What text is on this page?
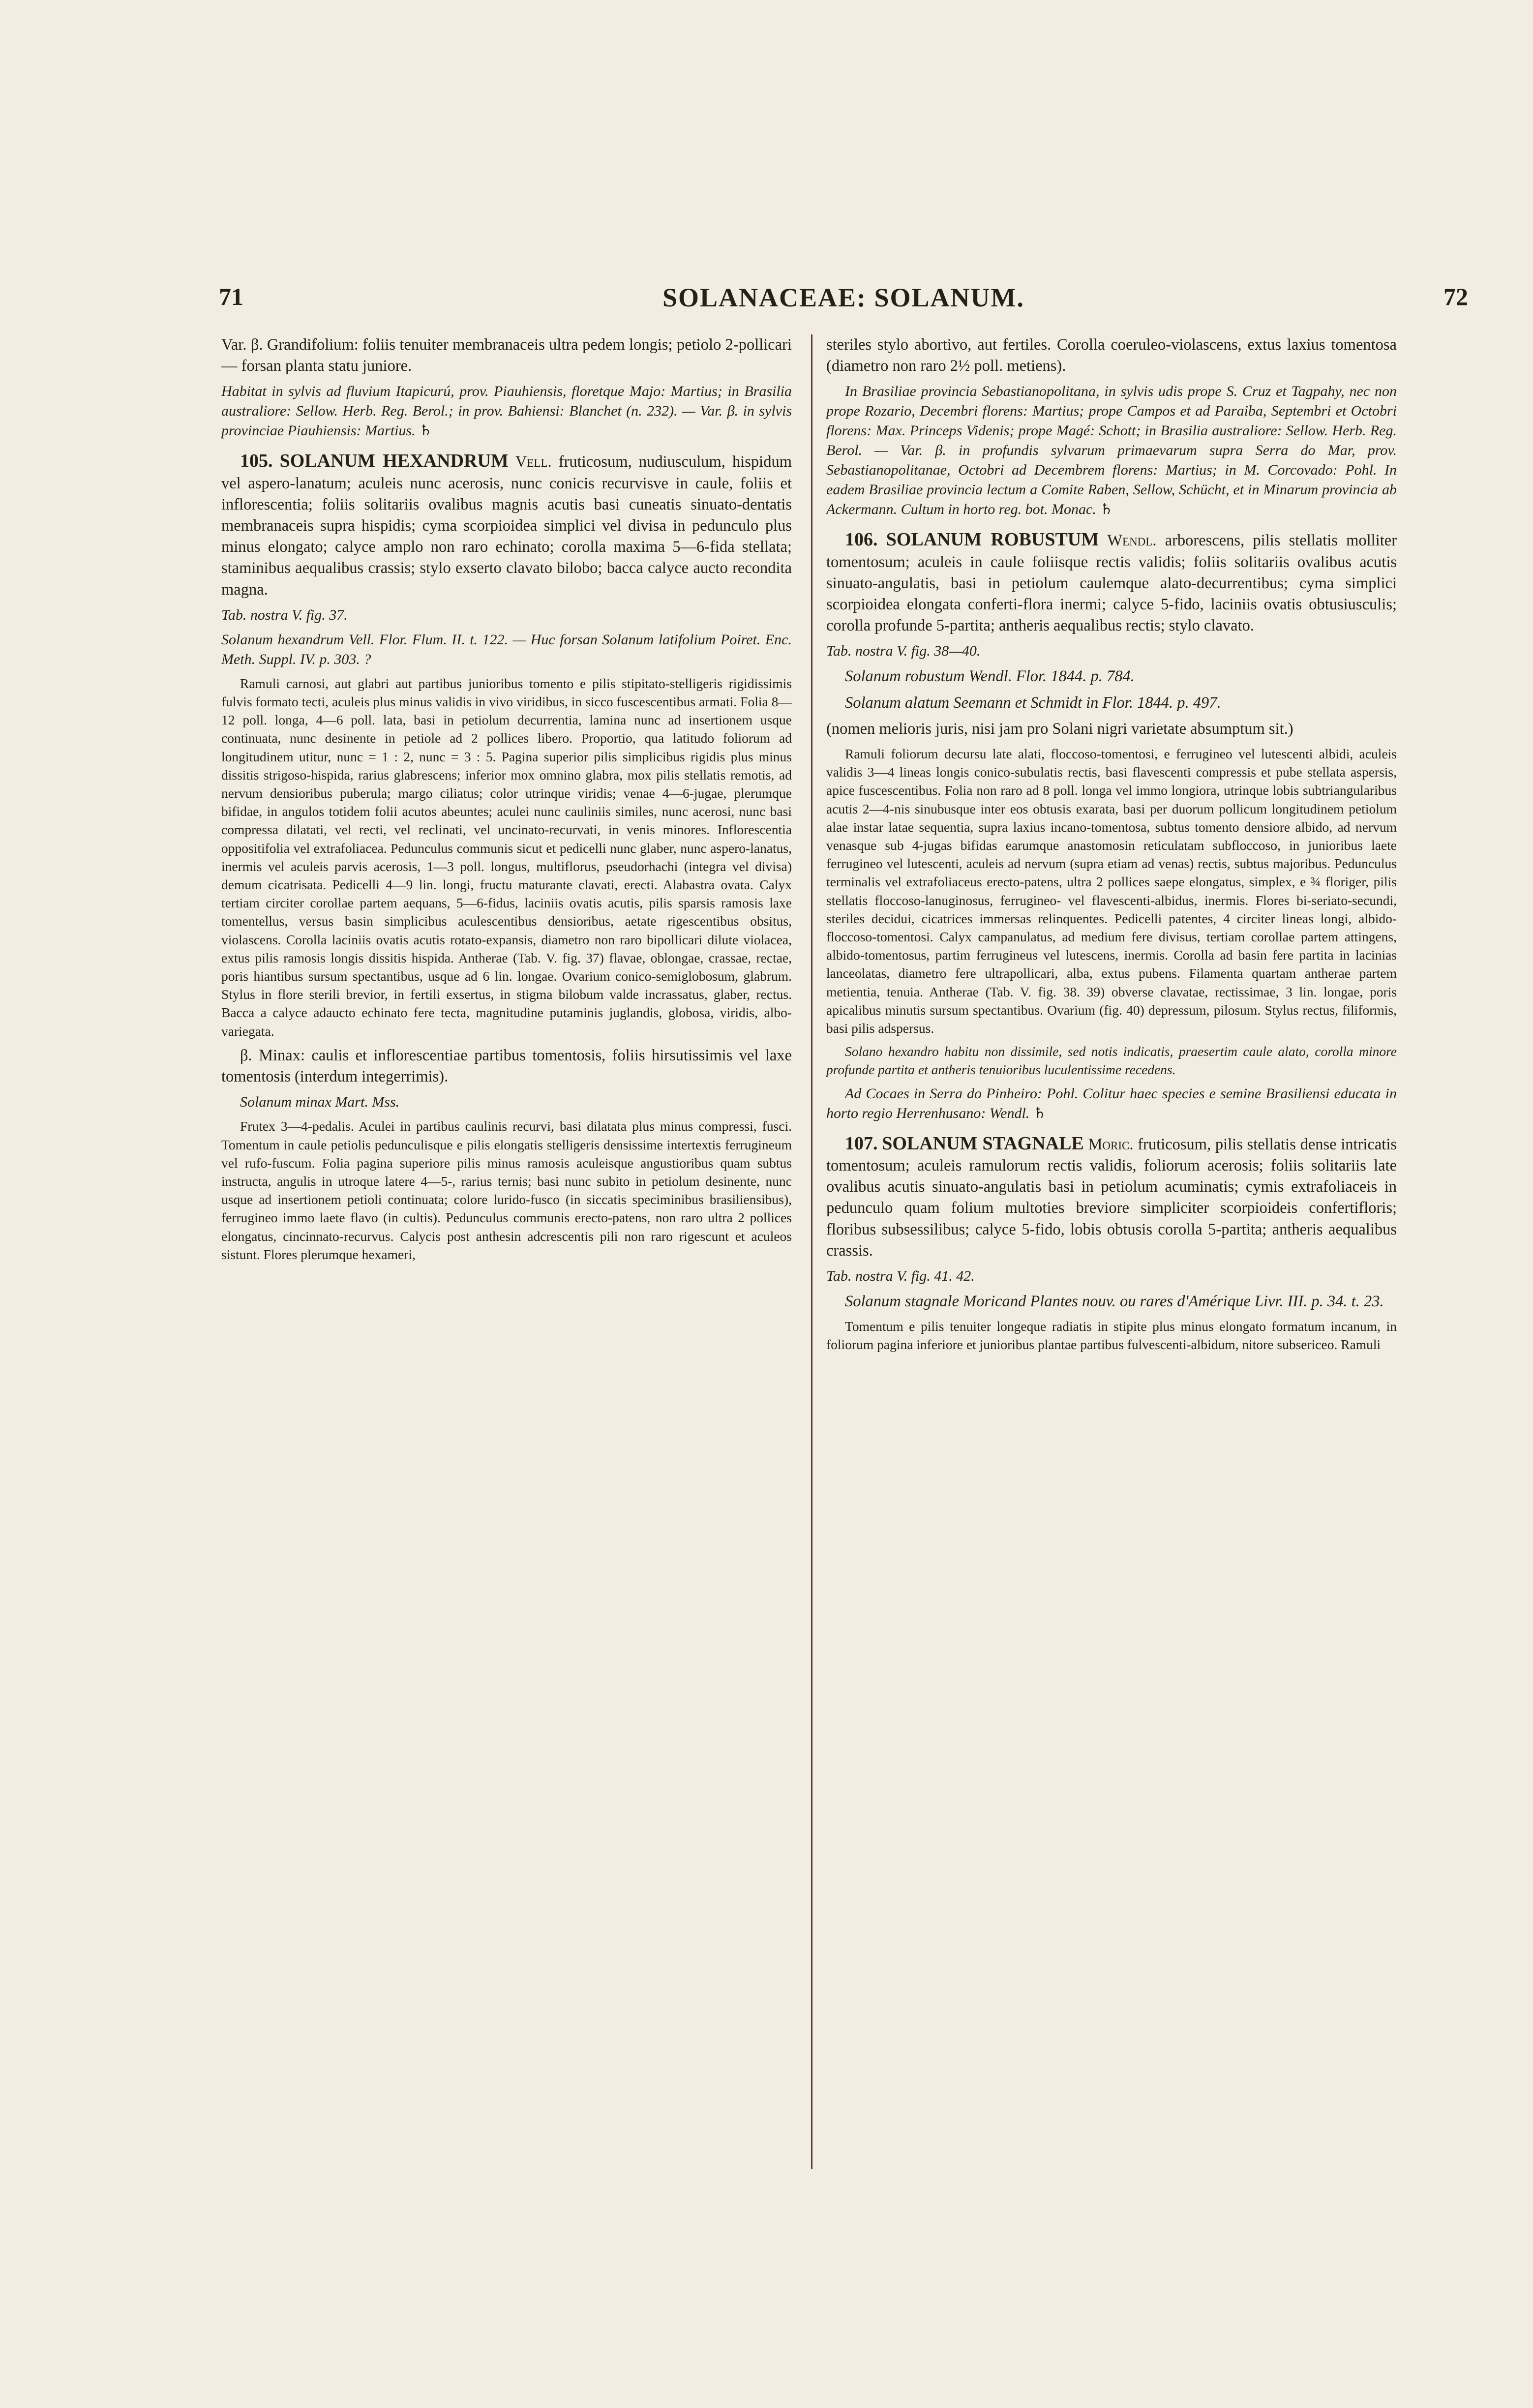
71	SOLANACEAE: SOLANUM.	72

Var. β. Grandifolium: foliis tenuiter membranaceis ultra pedem longis; petiolo 2-pollicari — forsan planta statu juniore.

Habitat in sylvis ad fluvium Itapicurú, prov. Piauhiensis, floretque Majo: Martius; in Brasilia australiore: Sellow. Herb. Reg. Berol.; in prov. Bahiensi: Blanchet (n. 232). — Var. β. in sylvis provinciae Piauhiensis: Martius. ♄

105. SOLANUM HEXANDRUM Vell. fruticosum, nudiusculum, hispidum vel aspero-lanatum; aculeis nunc acerosis, nunc conicis recurvisve in caule, foliis et inflorescentia; foliis solitariis ovalibus magnis acutis basi cuneatis sinuato-dentatis membranaceis supra hispidis; cyma scorpioidea simplici vel divisa in pedunculo plus minus elongato; calyce amplo non raro echinato; corolla maxima 5—6-fida stellata; staminibus aequalibus crassis; stylo exserto clavato bilobo; bacca calyce aucto recondita magna.

Tab. nostra V. fig. 37.

Solanum hexandrum Vell. Flor. Flum. II. t. 122. — Huc forsan Solanum latifolium Poiret. Enc. Meth. Suppl. IV. p. 303. ?

Ramuli carnosi, aut glabri aut partibus junioribus tomento e pilis stipitato-stelligeris rigidissimis fulvis formato tecti, aculeis plus minus validis in vivo viridibus, in sicco fuscescentibus armati. Folia 8—12 poll. longa, 4—6 poll. lata, basi in petiolum decurrentia, lamina nunc ad insertionem usque continuata, nunc desinente in petiole ad 2 pollices libero. Proportio, qua latitudo foliorum ad longitudinem utitur, nunc = 1 : 2, nunc = 3 : 5. Pagina superior pilis simplicibus rigidis plus minus dissitis strigoso-hispida, rarius glabrescens; inferior mox omnino glabra, mox pilis stellatis remotis, ad nervum densioribus puberula; margo ciliatus; color utrinque viridis; venae 4—6-jugae, plerumque bifidae, in angulos totidem folii acutos abeuntes; aculei nunc cauliniis similes, nunc acerosi, nunc basi compressa dilatati, vel recti, vel reclinati, vel uncinato-recurvati, in venis minores. Inflorescentia oppositifolia vel extrafoliacea. Pedunculus communis sicut et pedicelli nunc glaber, nunc aspero-lanatus, inermis vel aculeis parvis acerosis, 1—3 poll. longus, multiflorus, pseudorhachi (integra vel divisa) demum cicatrisata. Pedicelli 4—9 lin. longi, fructu maturante clavati, erecti. Alabastra ovata. Calyx tertiam circiter corollae partem aequans, 5—6-fidus, laciniis ovatis acutis, pilis sparsis ramosis laxe tomentellus, versus basin simplicibus aculescentibus densioribus, aetate rigescentibus obsitus, violascens. Corolla laciniis ovatis acutis rotato-expansis, diametro non raro bipollicari dilute violacea, extus pilis ramosis longis dissitis hispida. Antherae (Tab. V. fig. 37) flavae, oblongae, crassae, rectae, poris hiantibus sursum spectantibus, usque ad 6 lin. longae. Ovarium conico-semiglobosum, glabrum. Stylus in flore sterili brevior, in fertili exsertus, in stigma bilobum valde incrassatus, glaber, rectus. Bacca a calyce adaucto echinato fere tecta, magnitudine putaminis juglandis, globosa, viridis, albo-variegata.

β. Minax: caulis et inflorescentiae partibus tomentosis, foliis hirsutissimis vel laxe tomentosis (interdum integerrimis).

Solanum minax Mart. Mss.

Frutex 3—4-pedalis. Aculei in partibus caulinis recurvi, basi dilatata plus minus compressi, fusci. Tomentum in caule petiolis pedunculisque e pilis elongatis stelligeris densissime intertextis ferrugineum vel rufo-fuscum. Folia pagina superiore pilis minus ramosis aculeisque angustioribus quam subtus instructa, angulis in utroque latere 4—5-, rarius ternis; basi nunc subito in petiolum desinente, nunc usque ad insertionem petioli continuata; colore lurido-fusco (in siccatis speciminibus brasiliensibus), ferrugineo immo laete flavo (in cultis). Pedunculus communis erecto-patens, non raro ultra 2 pollices elongatus, cincinnato-recurvus. Calycis post anthesin adcrescentis pili non raro rigescunt et aculeos sistunt. Flores plerumque hexameri,

steriles stylo abortivo, aut fertiles. Corolla coeruleo-violascens, extus laxius tomentosa (diametro non raro 2½ poll. metiens).

In Brasiliae provincia Sebastianopolitana, in sylvis udis prope S. Cruz et Tagpahy, nec non prope Rozario, Decembri florens: Martius; prope Campos et ad Paraiba, Septembri et Octobri florens: Max. Princeps Videnis; prope Magé: Schott; in Brasilia australiore: Sellow. Herb. Reg. Berol. — Var. β. in profundis sylvarum primaevarum supra Serra do Mar, prov. Sebastianopolitanae, Octobri ad Decembrem florens: Martius; in M. Corcovado: Pohl. In eadem Brasiliae provincia lectum a Comite Raben, Sellow, Schücht, et in Minarum provincia ab Ackermann. Cultum in horto reg. bot. Monac. ♄

106. SOLANUM ROBUSTUM Wendl. arborescens, pilis stellatis molliter tomentosum; aculeis in caule foliisque rectis validis; foliis solitariis ovalibus acutis sinuato-angulatis, basi in petiolum caulemque alato-decurrentibus; cyma simplici scorpioidea elongata conferti-flora inermi; calyce 5-fido, laciniis ovatis obtusiusculis; corolla profunde 5-partita; antheris aequalibus rectis; stylo clavato.

Tab. nostra V. fig. 38—40.

Solanum robustum Wendl. Flor. 1844. p. 784.

Solanum alatum Seemann et Schmidt in Flor. 1844. p. 497.

(nomen melioris juris, nisi jam pro Solani nigri varietate absumptum sit.)

Ramuli foliorum decursu late alati, floccoso-tomentosi, e ferrugineo vel lutescenti albidi, aculeis validis 3—4 lineas longis conico-subulatis rectis, basi flavescenti compressis et pube stellata aspersis, apice fuscescentibus. Folia non raro ad 8 poll. longa vel immo longiora, utrinque lobis subtriangularibus acutis 2—4-nis sinubusque inter eos obtusis exarata, basi per duorum pollicum longitudinem petiolum alae instar latae sequentia, supra laxius incano-tomentosa, subtus tomento densiore albido, ad nervum venasque sub 4-jugas bifidas earumque anastomosin reticulatam subfloccoso, in junioribus laete ferrugineo vel lutescenti, aculeis ad nervum (supra etiam ad venas) rectis, subtus majoribus. Pedunculus terminalis vel extrafoliaceus erecto-patens, ultra 2 pollices saepe elongatus, simplex, e ¾ floriger, pilis stellatis floccoso-lanuginosus, ferrugineo- vel flavescenti-albidus, inermis. Flores bi-seriato-secundi, steriles decidui, cicatrices immersas relinquentes. Pedicelli patentes, 4 circiter lineas longi, albido-floccoso-tomentosi. Calyx campanulatus, ad medium fere divisus, tertiam corollae partem attingens, albido-tomentosus, partim ferrugineus vel lutescens, inermis. Corolla ad basin fere partita in lacinias lanceolatas, diametro fere ultrapollicari, alba, extus pubens. Filamenta quartam antherae partem metientia, tenuia. Antherae (Tab. V. fig. 38. 39) obverse clavatae, rectissimae, 3 lin. longae, poris apicalibus minutis sursum spectantibus. Ovarium (fig. 40) depressum, pilosum. Stylus rectus, filiformis, basi pilis adspersus.

Solano hexandro habitu non dissimile, sed notis indicatis, praesertim caule alato, corolla minore profunde partita et antheris tenuioribus luculentissime recedens.

Ad Cocaes in Serra do Pinheiro: Pohl. Colitur haec species e semine Brasiliensi educata in horto regio Herrenhusano: Wendl. ♄

107. SOLANUM STAGNALE Moric. fruticosum, pilis stellatis dense intricatis tomentosum; aculeis ramulorum rectis validis, foliorum acerosis; foliis solitariis late ovalibus acutis sinuato-angulatis basi in petiolum acuminatis; cymis extrafoliaceis in pedunculo quam folium multoties breviore simpliciter scorpioideis confertifloris; floribus subsessilibus; calyce 5-fido, lobis obtusis corolla 5-partita; antheris aequalibus crassis.

Tab. nostra V. fig. 41. 42.

Solanum stagnale Moricand Plantes nouv. ou rares d'Amérique Livr. III. p. 34. t. 23.

Tomentum e pilis tenuiter longeque radiatis in stipite plus minus elongato formatum incanum, in foliorum pagina inferiore et junioribus plantae partibus fulvescenti-albidum, nitore subsericeo. Ramuli
